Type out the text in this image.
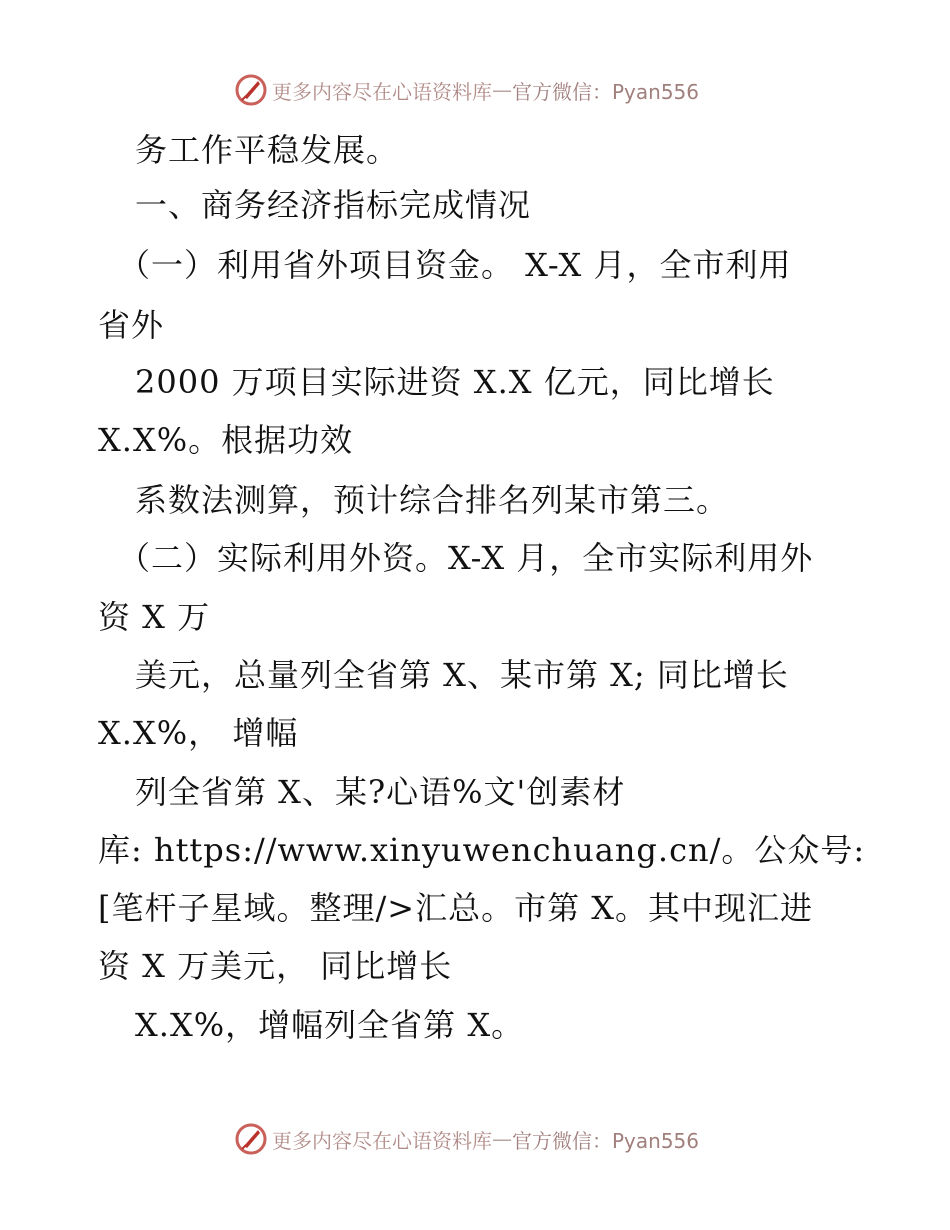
更多内容尽在心语资料库 — 官方微信：Pyan556
务工作平稳发展。
一、商务经济指标完成情况
（一）利用省外项目资金。 X-X 月，全市利用
省外
2000 万项目实际进资 X.X 亿元，同比增长
X.X%。根据功效
系数法测算，预计综合排名列某市第三。
（二）实际利用外资。X-X 月，全市实际利用外
资 X 万
美元，总量列全省第 X、某市第 X; 同比增长
X.X%， 增幅
列全省第 X、某?心语%文'创素材
库: https://www.xinyuwenchuang.cn/。公众号:
[笔杆子星域。整理/>汇总。市第 X。其中现汇进
资 X 万美元， 同比增长
X.X%，增幅列全省第 X。
更多内容尽在心语资料库 — 官方微信：Pyan556
